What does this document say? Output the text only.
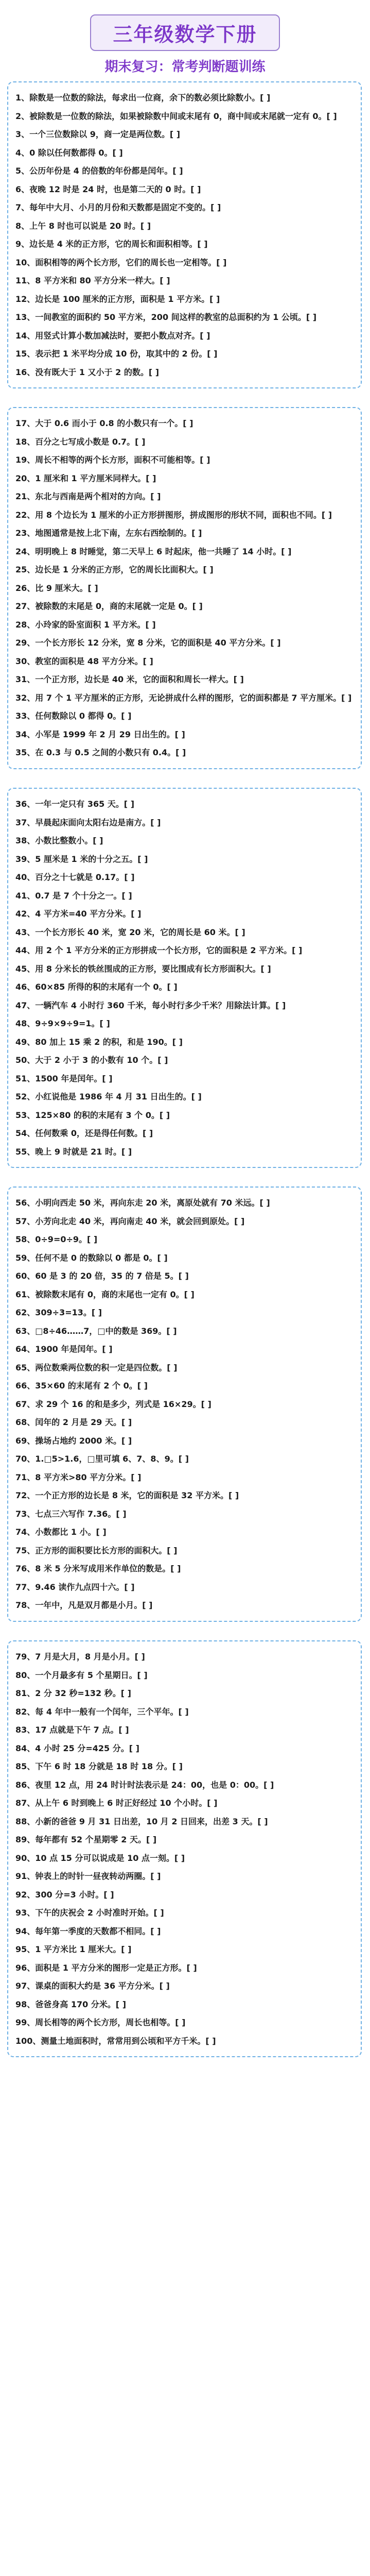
三年级数学下册
期末复习：常考判断题训练
1、除数是一位数的除法，每求出一位商，余下的数必须比除数小。[ ]
2、被除数是一位数的除法，如果被除数中间或末尾有 0，商中间或末尾就一定有 0。[ ]
3、一个三位数除以 9，商一定是两位数。[ ]
4、0 除以任何数都得 0。[ ]
5、公历年份是 4 的倍数的年份都是闰年。[ ]
6、夜晚 12 时是 24 时，也是第二天的 0 时。[ ]
7、每年中大月、小月的月份和天数都是固定不变的。[ ]
8、上午 8 时也可以说是 20 时。[ ]
9、边长是 4 米的正方形，它的周长和面积相等。[ ]
10、面积相等的两个长方形，它们的周长也一定相等。[ ]
11、8 平方米和 80 平方分米一样大。[ ]
12、边长是 100 厘米的正方形，面积是 1 平方米。[ ]
13、一间教室的面积约 50 平方米，200 间这样的教室的总面积约为 1 公顷。[ ]
14、用竖式计算小数加减法时，要把小数点对齐。[ ]
15、表示把 1 米平均分成 10 份，取其中的 2 份。[ ]
16、没有既大于 1 又小于 2 的数。[ ]
17、大于 0.6 而小于 0.8 的小数只有一个。[ ]
18、百分之七写成小数是 0.7。[ ]
19、周长不相等的两个长方形，面积不可能相等。[ ]
20、1 厘米和 1 平方厘米同样大。[ ]
21、东北与西南是两个相对的方向。[ ]
22、用 8 个边长为 1 厘米的小正方形拼图形，拼成图形的形状不同，面积也不同。[ ]
23、地图通常是按上北下南，左东右西绘制的。[ ]
24、明明晚上 8 时睡觉，第二天早上 6 时起床，他一共睡了 14 小时。[ ]
25、边长是 1 分米的正方形，它的周长比面积大。[ ]
26、比 9 厘米大。[ ]
27、被除数的末尾是 0，商的末尾就一定是 0。[ ]
28、小玲家的卧室面积 1 平方米。[ ]
29、一个长方形长 12 分米，宽 8 分米，它的面积是 40 平方分米。[ ]
30、教室的面积是 48 平方分米。[ ]
31、一个正方形，边长是 40 米，它的面积和周长一样大。[ ]
32、用 7 个 1 平方厘米的正方形，无论拼成什么样的图形，它的面积都是 7 平方厘米。[ ]
33、任何数除以 0 都得 0。[ ]
34、小军是 1999 年 2 月 29 日出生的。[ ]
35、在 0.3 与 0.5 之间的小数只有 0.4。[ ]
36、一年一定只有 365 天。[ ]
37、早晨起床面向太阳右边是南方。[ ]
38、小数比整数小。[ ]
39、5 厘米是 1 米的十分之五。[ ]
40、百分之十七就是 0.17。[ ]
41、0.7 是 7 个十分之一。[ ]
42、4 平方米=40 平方分米。[ ]
43、一个长方形长 40 米，宽 20 米，它的周长是 60 米。[ ]
44、用 2 个 1 平方分米的正方形拼成一个长方形，它的面积是 2 平方米。[ ]
45、用 8 分米长的铁丝围成的正方形，要比围成有长方形面积大。[ ]
46、60×85 所得的积的末尾有一个 0。[ ]
47、一辆汽车 4 小时行 360 千米，每小时行多少千米？用除法计算。[ ]
48、9÷9×9÷9=1。[ ]
49、80 加上 15 乘 2 的积，和是 190。[ ]
50、大于 2 小于 3 的小数有 10 个。[ ]
51、1500 年是闰年。[ ]
52、小红说他是 1986 年 4 月 31 日出生的。[ ]
53、125×80 的积的末尾有 3 个 0。[ ]
54、任何数乘 0，还是得任何数。[ ]
55、晚上 9 时就是 21 时。[ ]
56、小明向西走 50 米，再向东走 20 米，离原处就有 70 米远。[ ]
57、小芳向北走 40 米，再向南走 40 米，就会回到原处。[ ]
58、0÷9=0÷9。[ ]
59、任何不是 0 的数除以 0 都是 0。[ ]
60、60 是 3 的 20 倍，35 的 7 倍是 5。[ ]
61、被除数末尾有 0，商的末尾也一定有 0。[ ]
62、309÷3=13。[ ]
63、□8÷46……7，□中的数是 369。[ ]
64、1900 年是闰年。[ ]
65、两位数乘两位数的积一定是四位数。[ ]
66、35×60 的末尾有 2 个 0。[ ]
67、求 29 个 16 的和是多少，列式是 16×29。[ ]
68、闰年的 2 月是 29 天。[ ]
69、操场占地约 2000 米。[ ]
70、1.□5>1.6，□里可填 6、7、8、9。[ ]
71、8 平方米>80 平方分米。[ ]
72、一个正方形的边长是 8 米，它的面积是 32 平方米。[ ]
73、七点三六写作 7.36。[ ]
74、小数都比 1 小。[ ]
75、正方形的面积要比长方形的面积大。[ ]
76、8 米 5 分米写成用米作单位的数是。[ ]
77、9.46 读作九点四十六。[ ]
78、一年中，凡是双月都是小月。[ ]
79、7 月是大月，8 月是小月。[ ]
80、一个月最多有 5 个星期日。[ ]
81、2 分 32 秒=132 秒。[ ]
82、每 4 年中一般有一个闰年，三个平年。[ ]
83、17 点就是下午 7 点。[ ]
84、4 小时 25 分=425 分。[ ]
85、下午 6 时 18 分就是 18 时 18 分。[ ]
86、夜里 12 点，用 24 时计时法表示是 24：00，也是 0：00。[ ]
87、从上午 6 时到晚上 6 时正好经过 10 个小时。[ ]
88、小新的爸爸 9 月 31 日出差，10 月 2 日回来，出差 3 天。[ ]
89、每年都有 52 个星期零 2 天。[ ]
90、10 点 15 分可以说成是 10 点一刻。[ ]
91、钟表上的时针一昼夜转动两圈。[ ]
92、300 分=3 小时。[ ]
93、下午的庆祝会 2 小时准时开始。[ ]
94、每年第一季度的天数都不相同。[ ]
95、1 平方米比 1 厘米大。[ ]
96、面积是 1 平方分米的图形一定是正方形。[ ]
97、课桌的面积大约是 36 平方分米。[ ]
98、爸爸身高 170 分米。[ ]
99、周长相等的两个长方形，周长也相等。[ ]
100、测量土地面积时，常常用到公顷和平方千米。[ ]
